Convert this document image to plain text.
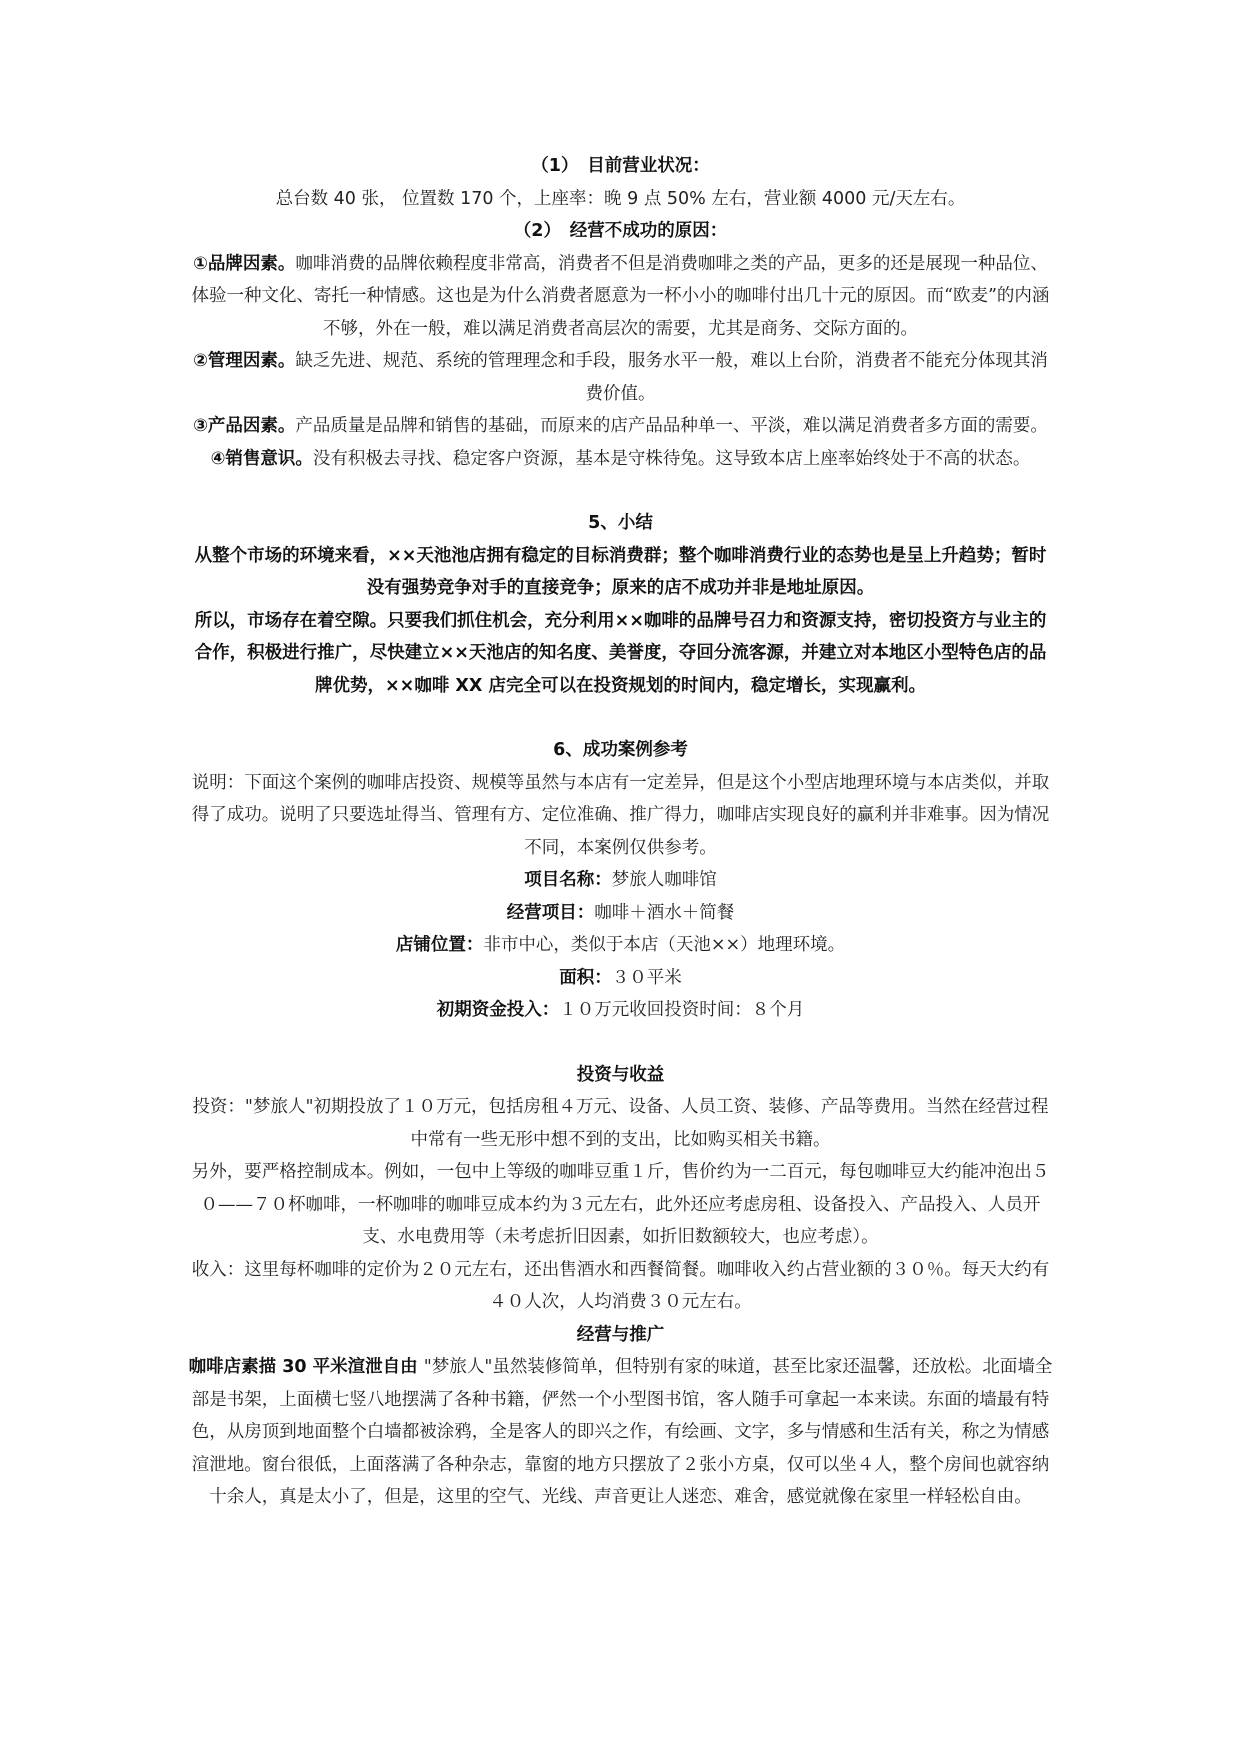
（1）　目前营业状况：

总台数 40 张， 位置数 170 个，上座率：晚 9 点 50% 左右，营业额 4000 元/天左右。

（2）　经营不成功的原因：

①品牌因素。咖啡消费的品牌依赖程度非常高，消费者不但是消费咖啡之类的产品，更多的还是展现一种品位、体验一种文化、寄托一种情感。这也是为什么消费者愿意为一杯小小的咖啡付出几十元的原因。而“欧麦”的内涵不够，外在一般，难以满足消费者高层次的需要，尤其是商务、交际方面的。

②管理因素。缺乏先进、规范、系统的管理理念和手段，服务水平一般，难以上台阶，消费者不能充分体现其消费价值。

③产品因素。产品质量是品牌和销售的基础，而原来的店产品品种单一、平淡，难以满足消费者多方面的需要。

④销售意识。没有积极去寻找、稳定客户资源，基本是守株待兔。这导致本店上座率始终处于不高的状态。

5、小结

从整个市场的环境来看，××天池池店拥有稳定的目标消费群；整个咖啡消费行业的态势也是呈上升趋势；暂时没有强势竞争对手的直接竞争；原来的店不成功并非是地址原因。

所以，市场存在着空隙。只要我们抓住机会，充分利用××咖啡的品牌号召力和资源支持，密切投资方与业主的合作，积极进行推广，尽快建立××天池店的知名度、美誉度，夺回分流客源，并建立对本地区小型特色店的品牌优势，××咖啡 XX 店完全可以在投资规划的时间内，稳定增长，实现赢利。

6、成功案例参考

说明：下面这个案例的咖啡店投资、规模等虽然与本店有一定差异，但是这个小型店地理环境与本店类似，并取得了成功。说明了只要选址得当、管理有方、定位准确、推广得力，咖啡店实现良好的赢利并非难事。因为情况不同，本案例仅供参考。

项目名称：梦旅人咖啡馆

经营项目：咖啡＋酒水＋简餐

店铺位置：非市中心，类似于本店（天池××）地理环境。

面积：３０平米

初期资金投入：１０万元收回投资时间：８个月

投资与收益

投资："梦旅人"初期投放了１０万元，包括房租４万元、设备、人员工资、装修、产品等费用。当然在经营过程中常有一些无形中想不到的支出，比如购买相关书籍。

另外，要严格控制成本。例如，一包中上等级的咖啡豆重１斤，售价约为一二百元，每包咖啡豆大约能冲泡出５０——７０杯咖啡，一杯咖啡的咖啡豆成本约为３元左右，此外还应考虑房租、设备投入、产品投入、人员开支、水电费用等（未考虑折旧因素，如折旧数额较大，也应考虑）。

收入：这里每杯咖啡的定价为２０元左右，还出售酒水和西餐简餐。咖啡收入约占营业额的３０％。每天大约有４０人次，人均消费３０元左右。

经营与推广

咖啡店素描 30 平米渲泄自由 "梦旅人"虽然装修简单，但特别有家的味道，甚至比家还温馨，还放松。北面墙全部是书架，上面横七竖八地摆满了各种书籍，俨然一个小型图书馆，客人随手可拿起一本来读。东面的墙最有特色，从房顶到地面整个白墙都被涂鸦，全是客人的即兴之作，有绘画、文字，多与情感和生活有关，称之为情感渲泄地。窗台很低，上面落满了各种杂志，靠窗的地方只摆放了２张小方桌，仅可以坐４人，整个房间也就容纳十余人，真是太小了，但是，这里的空气、光线、声音更让人迷恋、难舍，感觉就像在家里一样轻松自由。
